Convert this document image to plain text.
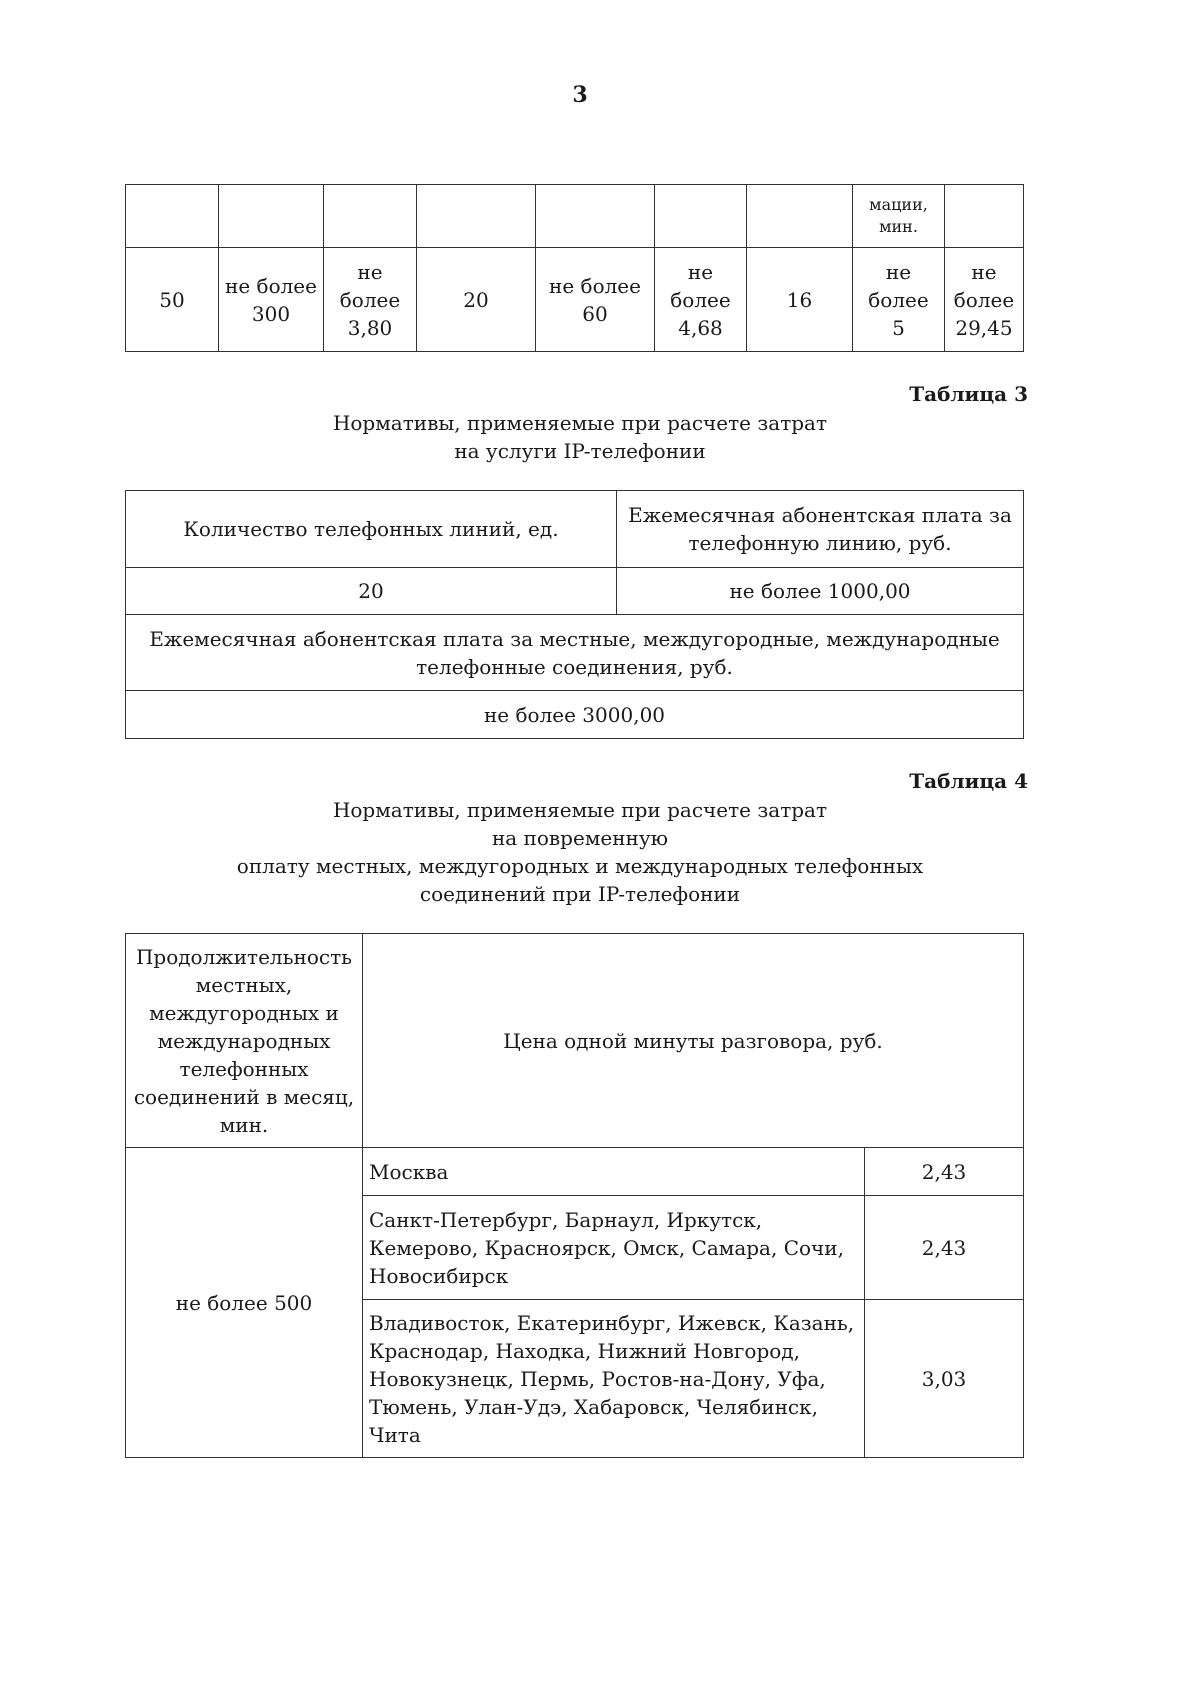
3
							мации,
мин.	
50	не более 300	не более 3,80	20	не более 60	не более 4,68	16	не более 5	не более 29,45
Таблица 3
Нормативы, применяемые при расчете затрат
на услуги IP-телефонии
Количество телефонных линий, ед.	Ежемесячная абонентская плата за телефонную линию, руб.
20	не более 1000,00
Ежемесячная абонентская плата за местные, междугородные, международные телефонные соединения, руб.	
не более 3000,00	
Таблица 4
Нормативы, применяемые при расчете затрат
на повременную
оплату местных, междугородных и международных телефонных
соединений при IP-телефонии
Продолжительность местных, междугородных и международных телефонных соединений в месяц, мин.	Цена одной минуты разговора, руб.	
не более 500	Москва	2,43
	Санкт-Петербург, Барнаул, Иркутск, Кемерово, Красноярск, Омск, Самара, Сочи, Новосибирск	2,43
	Владивосток, Екатеринбург, Ижевск, Казань, Краснодар, Находка, Нижний Новгород, Новокузнецк, Пермь, Ростов-на-Дону, Уфа, Тюмень, Улан-Удэ, Хабаровск, Челябинск, Чита	3,03
